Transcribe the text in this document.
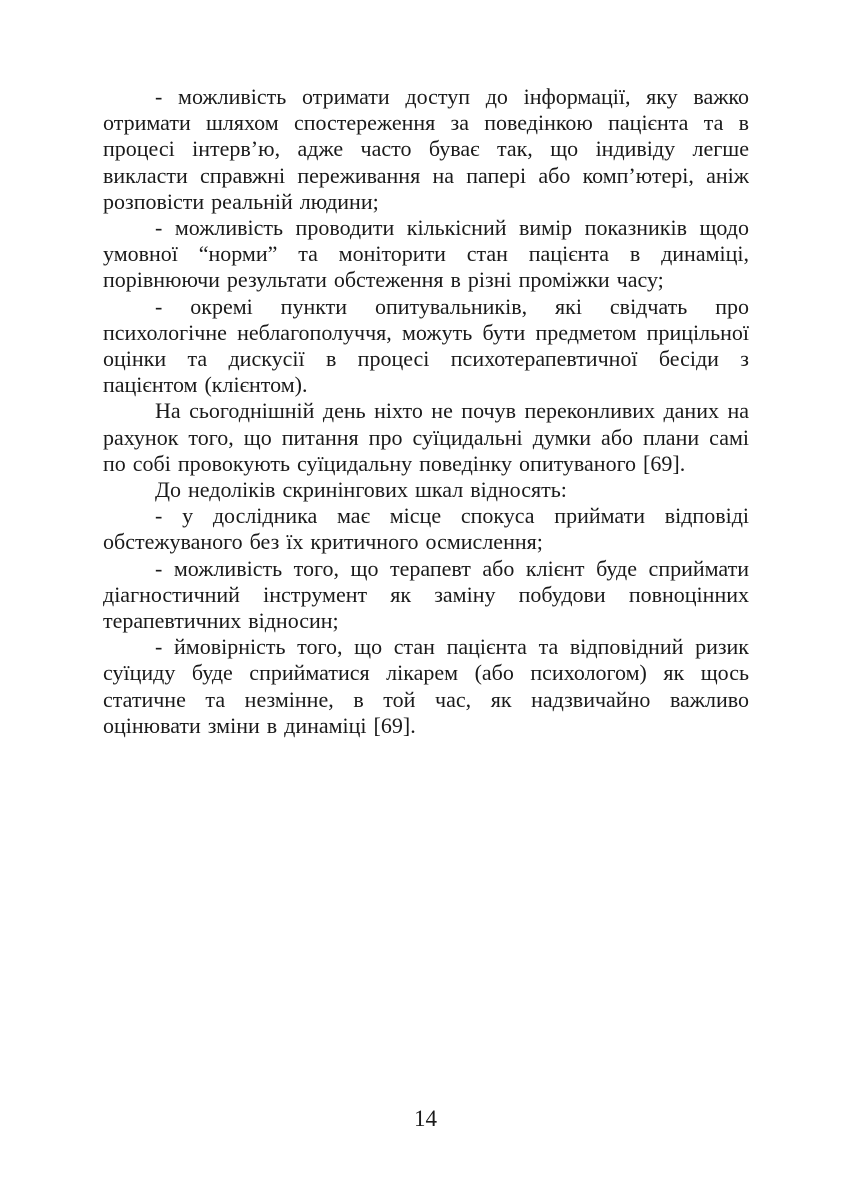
- можливість отримати доступ до інформації, яку важко отримати шляхом спостереження за поведінкою пацієнта та в процесі інтерв’ю, адже часто буває так, що індивіду легше викласти справжні переживання на папері або комп’ютері, аніж розповісти реальній людини;

- можливість проводити кількісний вимір показників щодо умовної “норми” та моніторити стан пацієнта в динаміці, порівнюючи результати обстеження в різні проміжки часу;

- окремі пункти опитувальників, які свідчать про психологічне неблагополуччя, можуть бути предметом прицільної оцінки та дискусії в процесі психотерапевтичної бесіди з пацієнтом (клієнтом).

На сьогоднішній день ніхто не почув переконливих даних на рахунок того, що питання про суїцидальні думки або плани самі по собі провокують суїцидальну поведінку опитуваного [69].

До недоліків скринінгових шкал відносять:

- у дослідника має місце спокуса приймати відповіді обстежуваного без їх критичного осмислення;

- можливість того, що терапевт або клієнт буде сприймати діагностичний інструмент як заміну побудови повноцінних терапевтичних відносин;

- ймовірність того, що стан пацієнта та відповідний ризик суїциду буде сприйматися лікарем (або психологом) як щось статичне та незмінне, в той час, як надзвичайно важливо оцінювати зміни в динаміці [69].

14
